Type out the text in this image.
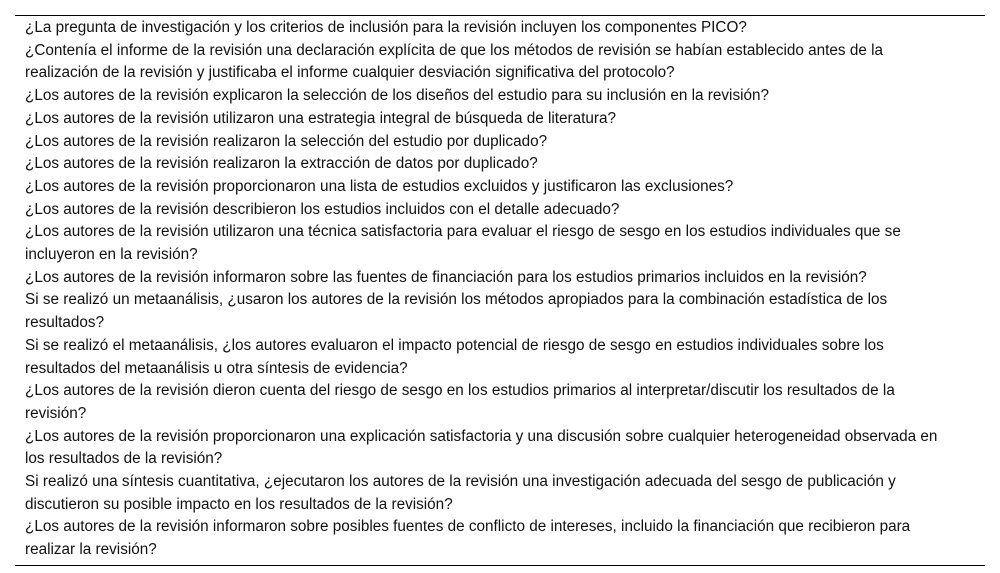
¿La pregunta de investigación y los criterios de inclusión para la revisión incluyen los componentes PICO?
¿Contenía el informe de la revisión una declaración explícita de que los métodos de revisión se habían establecido antes de la realización de la revisión y justificaba el informe cualquier desviación significativa del protocolo?
¿Los autores de la revisión explicaron la selección de los diseños del estudio para su inclusión en la revisión?
¿Los autores de la revisión utilizaron una estrategia integral de búsqueda de literatura?
¿Los autores de la revisión realizaron la selección del estudio por duplicado?
¿Los autores de la revisión realizaron la extracción de datos por duplicado?
¿Los autores de la revisión proporcionaron una lista de estudios excluidos y justificaron las exclusiones?
¿Los autores de la revisión describieron los estudios incluidos con el detalle adecuado?
¿Los autores de la revisión utilizaron una técnica satisfactoria para evaluar el riesgo de sesgo en los estudios individuales que se incluyeron en la revisión?
¿Los autores de la revisión informaron sobre las fuentes de financiación para los estudios primarios incluidos en la revisión?
Si se realizó un metaanálisis, ¿usaron los autores de la revisión los métodos apropiados para la combinación estadística de los resultados?
Si se realizó el metaanálisis, ¿los autores evaluaron el impacto potencial de riesgo de sesgo en estudios individuales sobre los resultados del metaanálisis u otra síntesis de evidencia?
¿Los autores de la revisión dieron cuenta del riesgo de sesgo en los estudios primarios al interpretar/discutir los resultados de la revisión?
¿Los autores de la revisión proporcionaron una explicación satisfactoria y una discusión sobre cualquier heterogeneidad observada en los resultados de la revisión?
Si realizó una síntesis cuantitativa, ¿ejecutaron los autores de la revisión una investigación adecuada del sesgo de publicación y discutieron su posible impacto en los resultados de la revisión?
¿Los autores de la revisión informaron sobre posibles fuentes de conflicto de intereses, incluido la financiación que recibieron para realizar la revisión?
